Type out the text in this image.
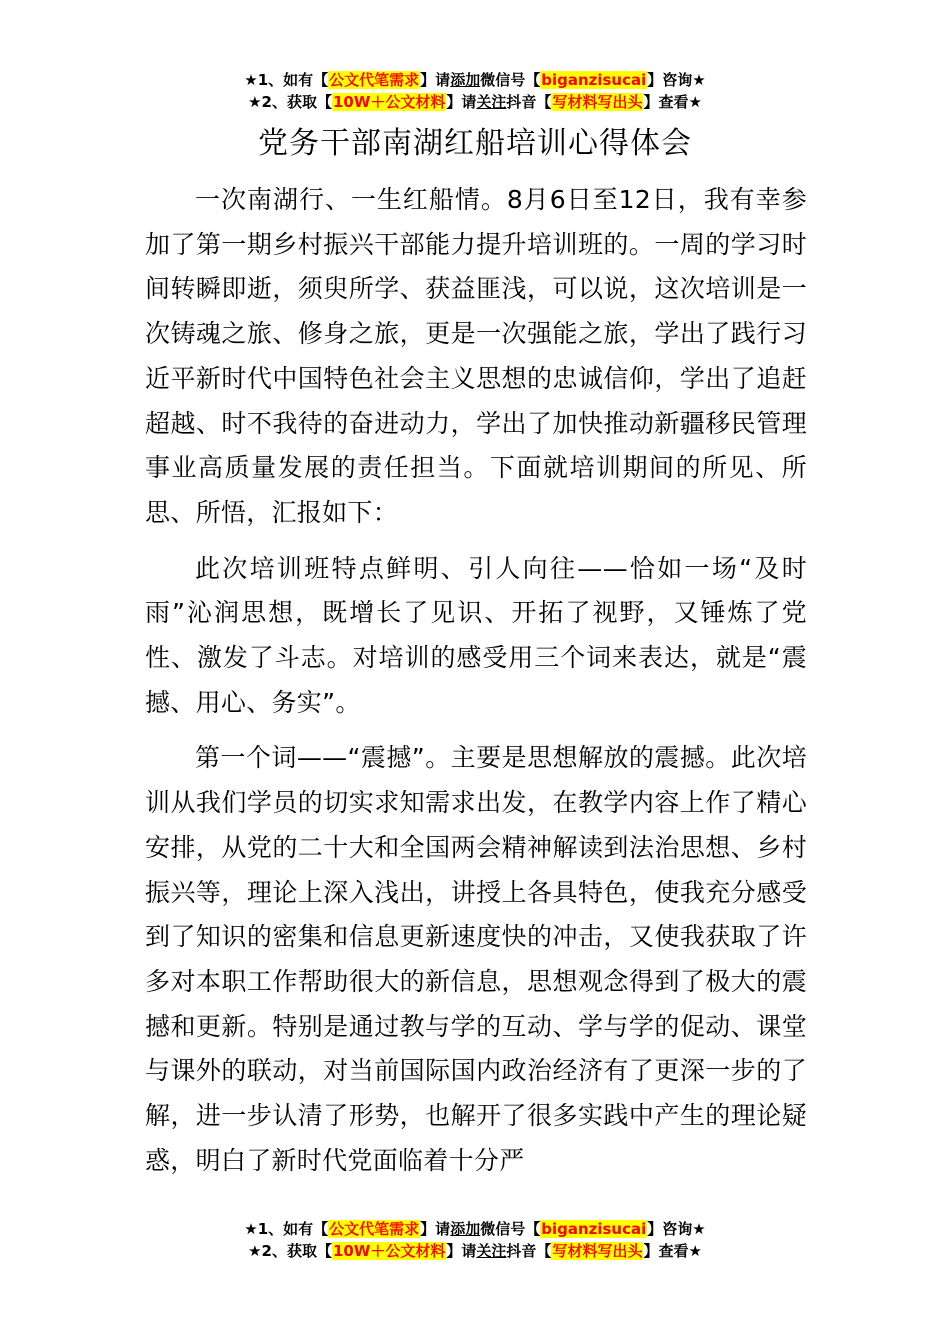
★1、如有【公文代笔需求】请添加微信号【biganzisucai】咨询★
★2、获取【10W＋公文材料】请关注抖音【写材料写出头】查看★
党务干部南湖红船培训心得体会

一次南湖行、一生红船情。8月6日至12日，我有幸参加了第一期乡村振兴干部能力提升培训班的。一周的学习时间转瞬即逝，须臾所学、获益匪浅，可以说，这次培训是一次铸魂之旅、修身之旅，更是一次强能之旅，学出了践行习近平新时代中国特色社会主义思想的忠诚信仰，学出了追赶超越、时不我待的奋进动力，学出了加快推动新疆移民管理事业高质量发展的责任担当。下面就培训期间的所见、所思、所悟，汇报如下：

此次培训班特点鲜明、引人向往——恰如一场“及时雨”沁润思想，既增长了见识、开拓了视野，又锤炼了党性、激发了斗志。对培训的感受用三个词来表达，就是“震撼、用心、务实”。

第一个词——“震撼”。主要是思想解放的震撼。此次培训从我们学员的切实求知需求出发，在教学内容上作了精心安排，从党的二十大和全国两会精神解读到法治思想、乡村振兴等，理论上深入浅出，讲授上各具特色，使我充分感受到了知识的密集和信息更新速度快的冲击，又使我获取了许多对本职工作帮助很大的新信息，思想观念得到了极大的震撼和更新。特别是通过教与学的互动、学与学的促动、课堂与课外的联动，对当前国际国内政治经济有了更深一步的了解，进一步认清了形势，也解开了很多实践中产生的理论疑惑，明白了新时代党面临着十分严

★1、如有【公文代笔需求】请添加微信号【biganzisucai】咨询★
★2、获取【10W＋公文材料】请关注抖音【写材料写出头】查看★
